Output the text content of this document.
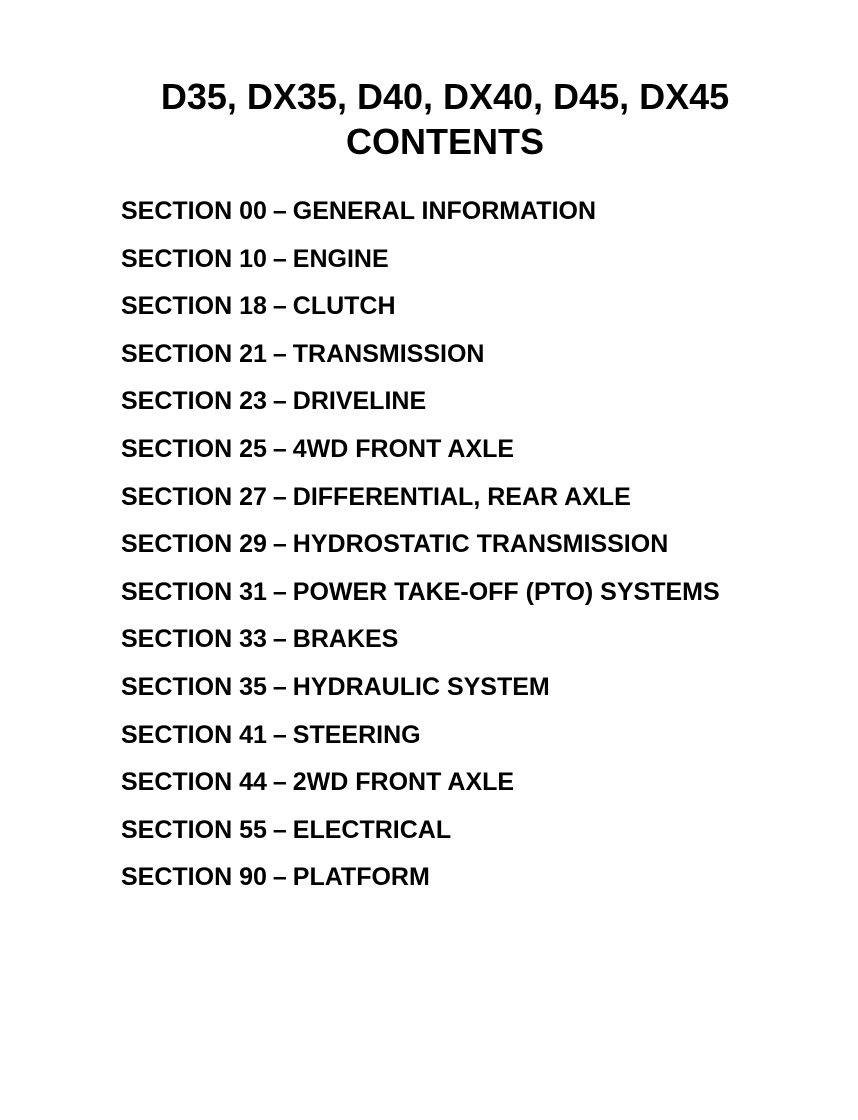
D35, DX35, D40, DX40, D45, DX45
CONTENTS
SECTION 00 – GENERAL INFORMATION
SECTION 10 – ENGINE
SECTION 18 – CLUTCH
SECTION 21 – TRANSMISSION
SECTION 23 – DRIVELINE
SECTION 25 – 4WD FRONT AXLE
SECTION 27 – DIFFERENTIAL, REAR AXLE
SECTION 29 – HYDROSTATIC TRANSMISSION
SECTION 31 – POWER TAKE-OFF (PTO) SYSTEMS
SECTION 33 – BRAKES
SECTION 35 – HYDRAULIC SYSTEM
SECTION 41 – STEERING
SECTION 44 – 2WD FRONT AXLE
SECTION 55 – ELECTRICAL
SECTION 90 – PLATFORM
